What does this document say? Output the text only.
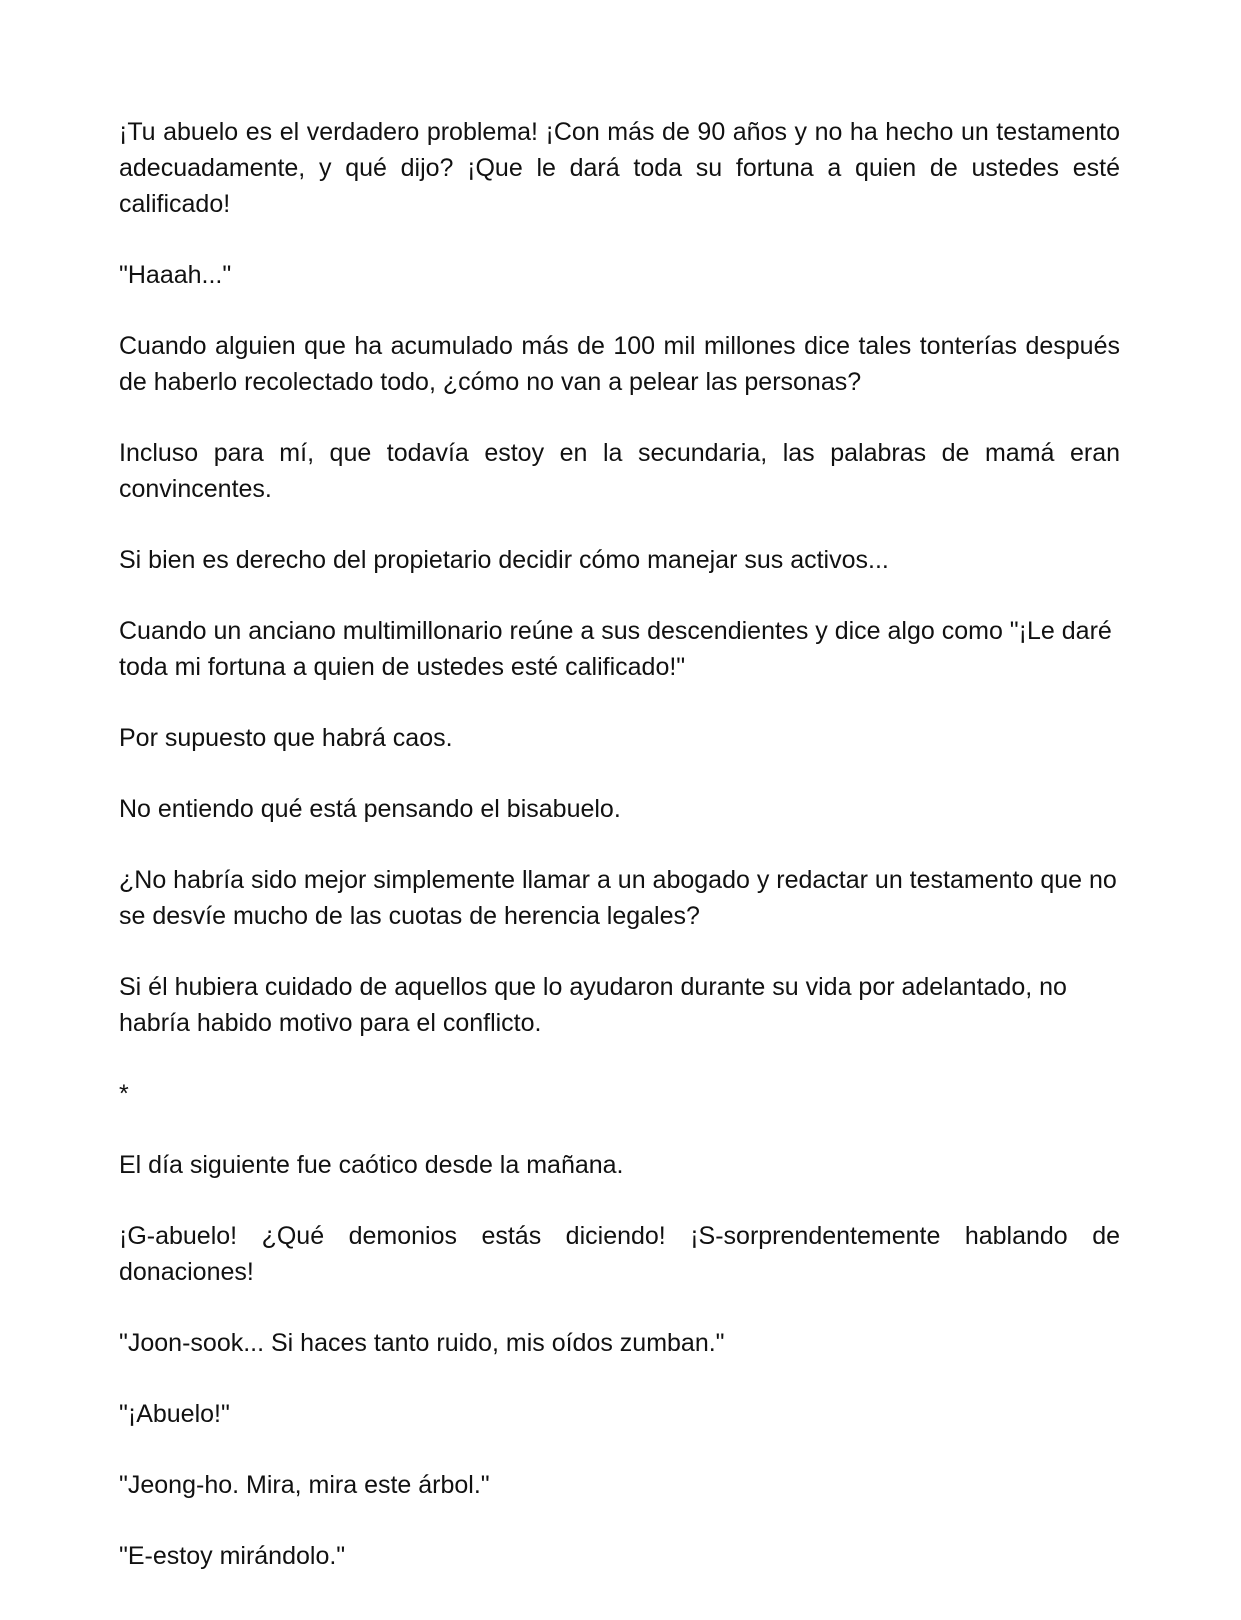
¡Tu abuelo es el verdadero problema! ¡Con más de 90 años y no ha hecho un testamento adecuadamente, y qué dijo? ¡Que le dará toda su fortuna a quien de ustedes esté calificado!

"Haaah..."

Cuando alguien que ha acumulado más de 100 mil millones dice tales tonterías después de haberlo recolectado todo, ¿cómo no van a pelear las personas?

Incluso para mí, que todavía estoy en la secundaria, las palabras de mamá eran convincentes.

Si bien es derecho del propietario decidir cómo manejar sus activos...

Cuando un anciano multimillonario reúne a sus descendientes y dice algo como "¡Le daré toda mi fortuna a quien de ustedes esté calificado!"

Por supuesto que habrá caos.

No entiendo qué está pensando el bisabuelo.

¿No habría sido mejor simplemente llamar a un abogado y redactar un testamento que no se desvíe mucho de las cuotas de herencia legales?

Si él hubiera cuidado de aquellos que lo ayudaron durante su vida por adelantado, no habría habido motivo para el conflicto.

*

El día siguiente fue caótico desde la mañana.

¡G-abuelo! ¿Qué demonios estás diciendo! ¡S-sorprendentemente hablando de donaciones!

"Joon-sook... Si haces tanto ruido, mis oídos zumban."

"¡Abuelo!"

"Jeong-ho. Mira, mira este árbol."

"E-estoy mirándolo."
